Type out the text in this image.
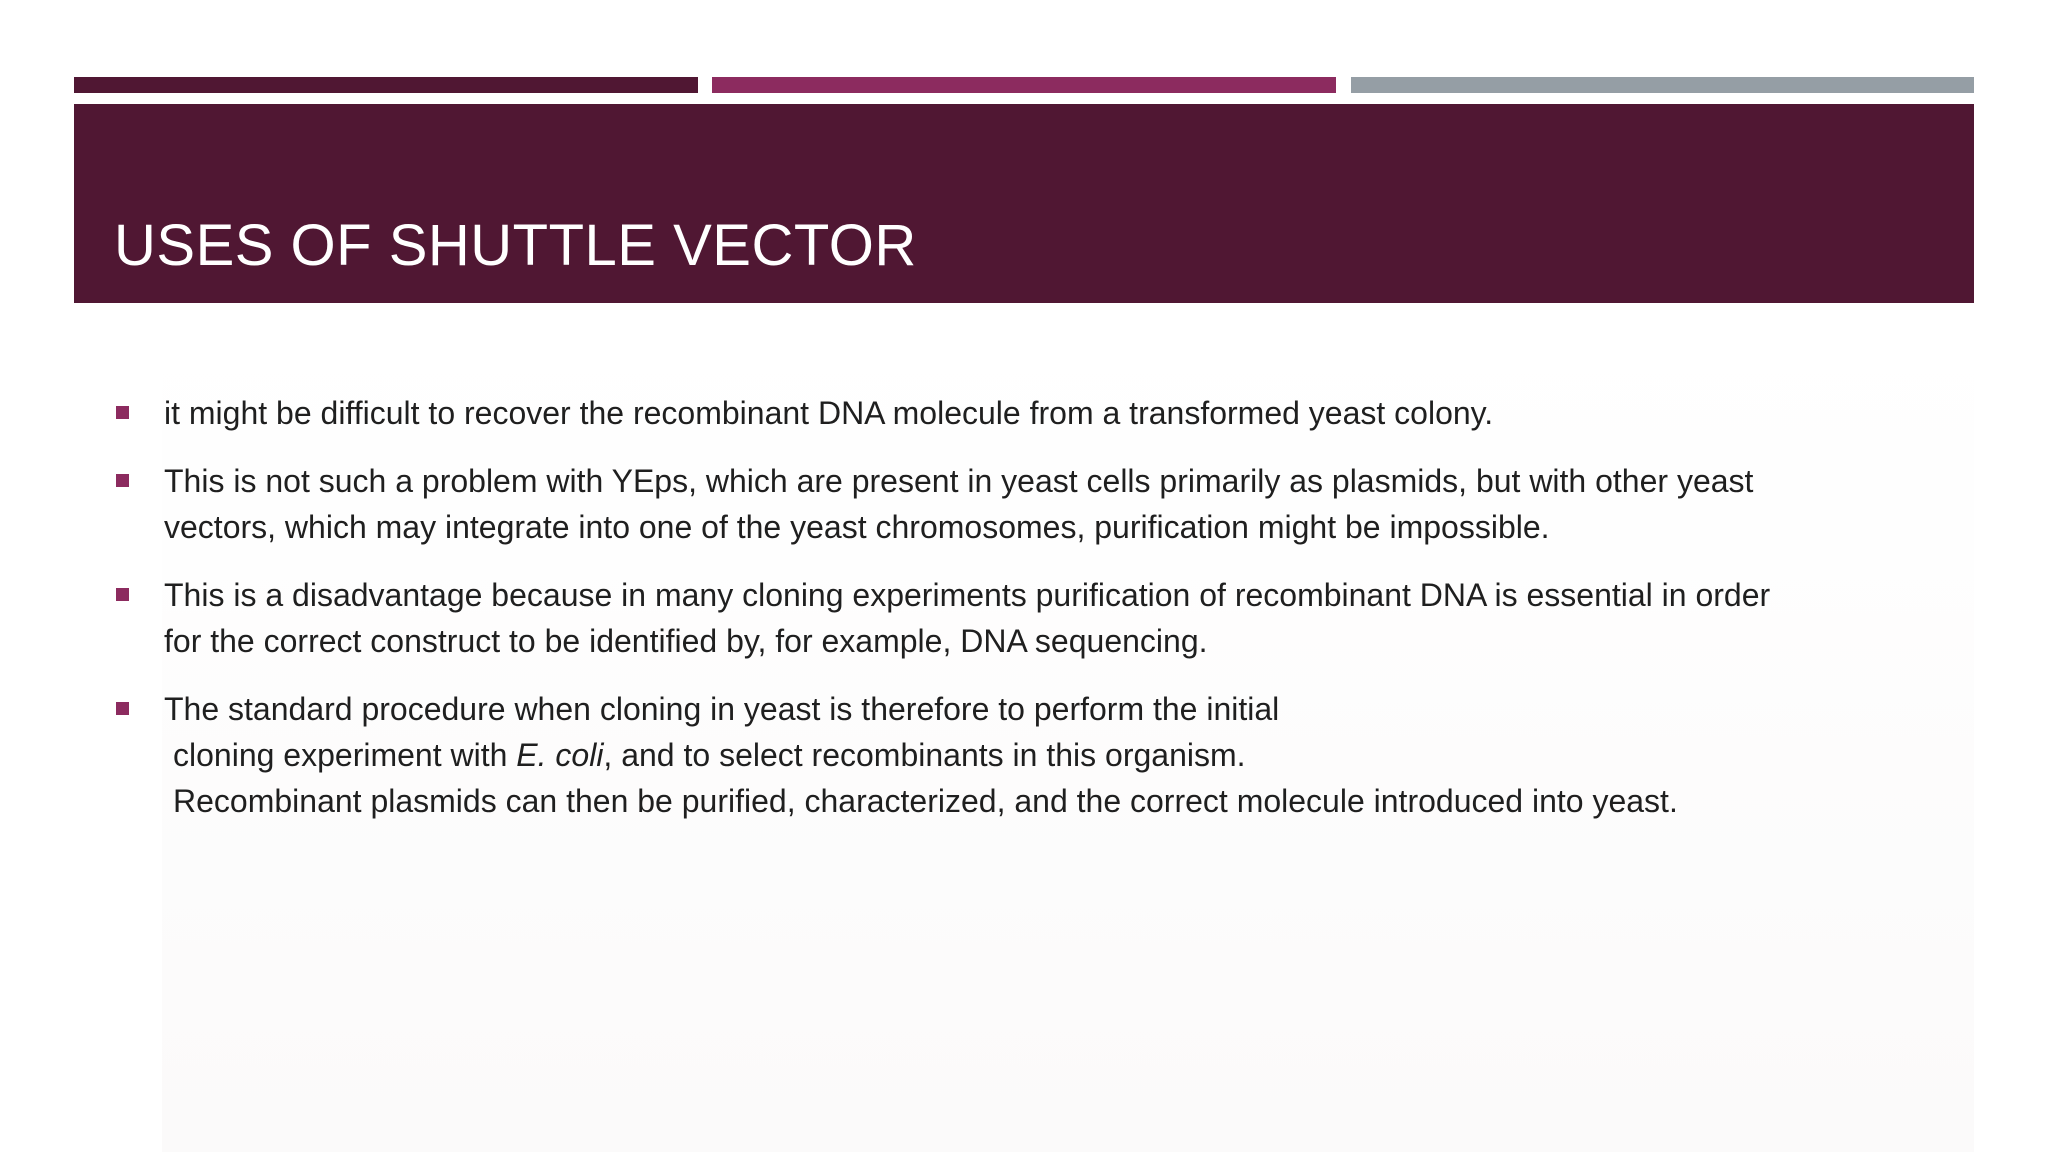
USES OF SHUTTLE VECTOR
it might be difficult to recover the recombinant DNA molecule from a transformed yeast colony.
This is not such a problem with YEps, which are present in yeast cells primarily as plasmids, but with other yeast
vectors, which may integrate into one of the yeast chromosomes, purification might be impossible.
This is a disadvantage because in many cloning experiments purification of recombinant DNA is essential in order
for the correct construct to be identified by, for example, DNA sequencing.
The standard procedure when cloning in yeast is therefore to perform the initial
cloning experiment with E. coli, and to select recombinants in this organism.
Recombinant plasmids can then be purified, characterized, and the correct molecule introduced into yeast.
